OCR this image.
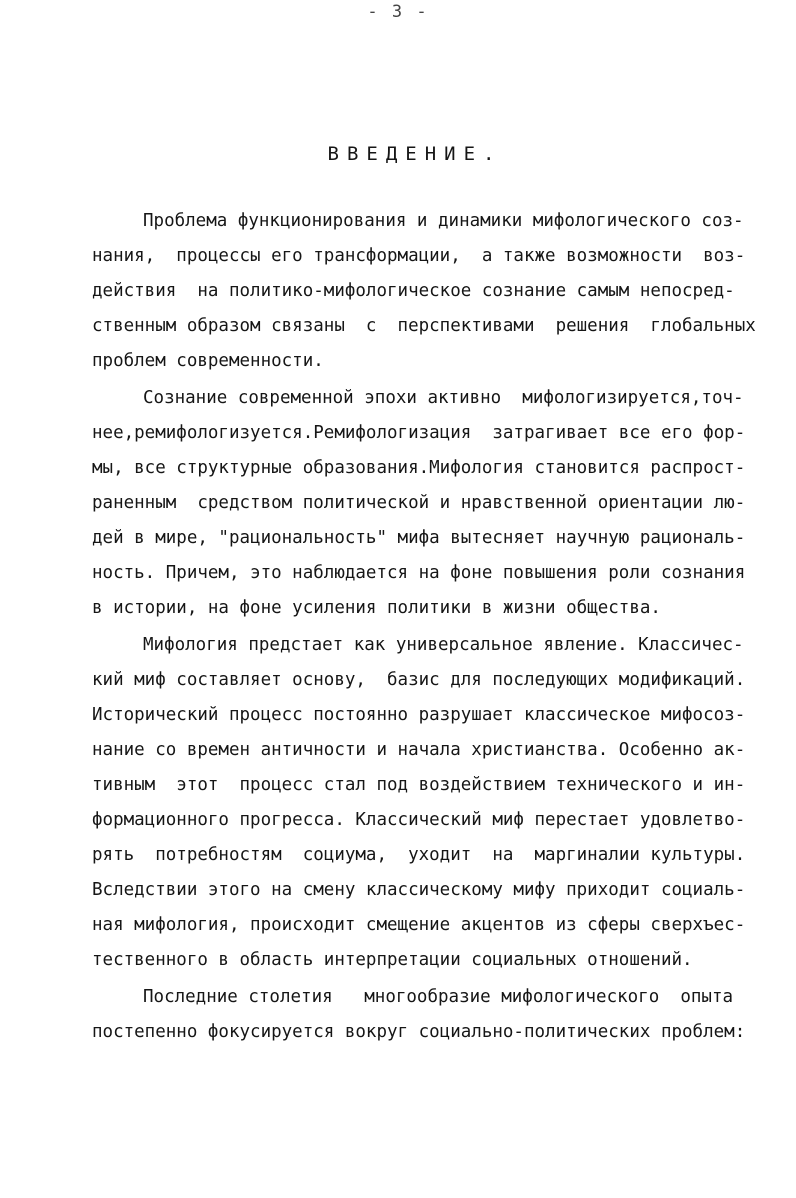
- 3 -
ВВЕДЕНИЕ.
Проблема функционирования и динамики мифологического соз-
нания,  процессы его трансформации,  а также возможности  воз-
действия  на политико-мифологическое сознание самым непосред-
ственным образом связаны  с  перспективами  решения  глобальных
проблем современности.
Сознание современной эпохи активно  мифологизируется,точ-
нее,ремифологизуется.Ремифологизация  затрагивает все его фор-
мы, все структурные образования.Мифология становится распрост-
раненным  средством политической и нравственной ориентации лю-
дей в мире, "рациональность" мифа вытесняет научную рациональ-
ность. Причем, это наблюдается на фоне повышения роли сознания
в истории, на фоне усиления политики в жизни общества.
Мифология предстает как универсальное явление. Классичес-
кий миф составляет основу,  базис для последующих модификаций.
Исторический процесс постоянно разрушает классическое мифосоз-
нание со времен античности и начала христианства. Особенно ак-
тивным  этот  процесс стал под воздействием технического и ин-
формационного прогресса. Классический миф перестает удовлетво-
рять  потребностям  социума,  уходит  на  маргиналии культуры.
Вследствии этого на смену классическому мифу приходит социаль-
ная мифология, происходит смещение акцентов из сферы сверхъес-
тественного в область интерпретации социальных отношений.
Последние столетия   многообразие мифологического  опыта
постепенно фокусируется вокруг социально-политических проблем:
